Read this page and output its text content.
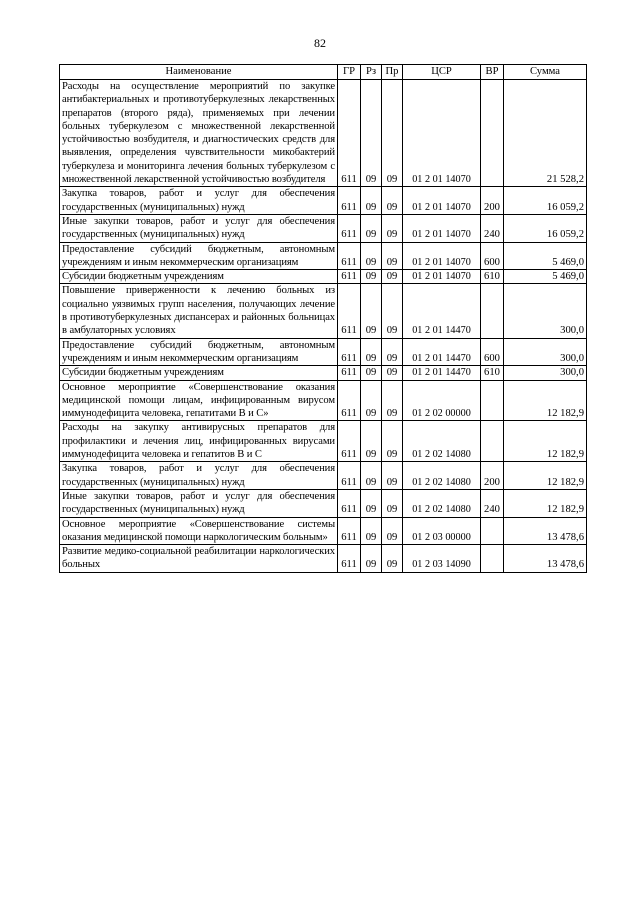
82
Наименование	ГР	Рз	Пр	ЦСР	ВР	Сумма
Расходы на осуществление мероприятий по закупке антибактериальных и противотуберкулезных лекарственных препаратов (второго ряда), применяемых при лечении больных туберкулезом с множественной лекарственной устойчивостью возбудителя, и диагностических средств для выявления, определения чувствительности микобактерий туберкулеза и мониторинга лечения больных туберкулезом с множественной лекарственной устойчивостью возбудителя	611	09	09	01 2 01 14070		21 528,2
Закупка товаров, работ и услуг для обеспечения государственных (муниципальных) нужд	611	09	09	01 2 01 14070	200	16 059,2
Иные закупки товаров, работ и услуг для обеспечения государственных (муниципальных) нужд	611	09	09	01 2 01 14070	240	16 059,2
Предоставление субсидий бюджетным, автономным учреждениям и иным некоммерческим организациям	611	09	09	01 2 01 14070	600	5 469,0
Субсидии бюджетным учреждениям	611	09	09	01 2 01 14070	610	5 469,0
Повышение приверженности к лечению больных из социально уязвимых групп населения, получающих лечение в противотуберкулезных диспансерах и районных больницах в амбулаторных условиях	611	09	09	01 2 01 14470		300,0
Предоставление субсидий бюджетным, автономным учреждениям и иным некоммерческим организациям	611	09	09	01 2 01 14470	600	300,0
Субсидии бюджетным учреждениям	611	09	09	01 2 01 14470	610	300,0
Основное мероприятие «Совершенствование оказания медицинской помощи лицам, инфицированным вирусом иммунодефицита человека, гепатитами В и С»	611	09	09	01 2 02 00000		12 182,9
Расходы на закупку антивирусных препаратов для профилактики и лечения лиц, инфицированных вирусами иммунодефицита человека и гепатитов В и С	611	09	09	01 2 02 14080		12 182,9
Закупка товаров, работ и услуг для обеспечения государственных (муниципальных) нужд	611	09	09	01 2 02 14080	200	12 182,9
Иные закупки товаров, работ и услуг для обеспечения государственных (муниципальных) нужд	611	09	09	01 2 02 14080	240	12 182,9
Основное мероприятие «Совершенствование системы оказания медицинской помощи наркологическим больным»	611	09	09	01 2 03 00000		13 478,6
Развитие медико-социальной реабилитации наркологических больных	611	09	09	01 2 03 14090		13 478,6
